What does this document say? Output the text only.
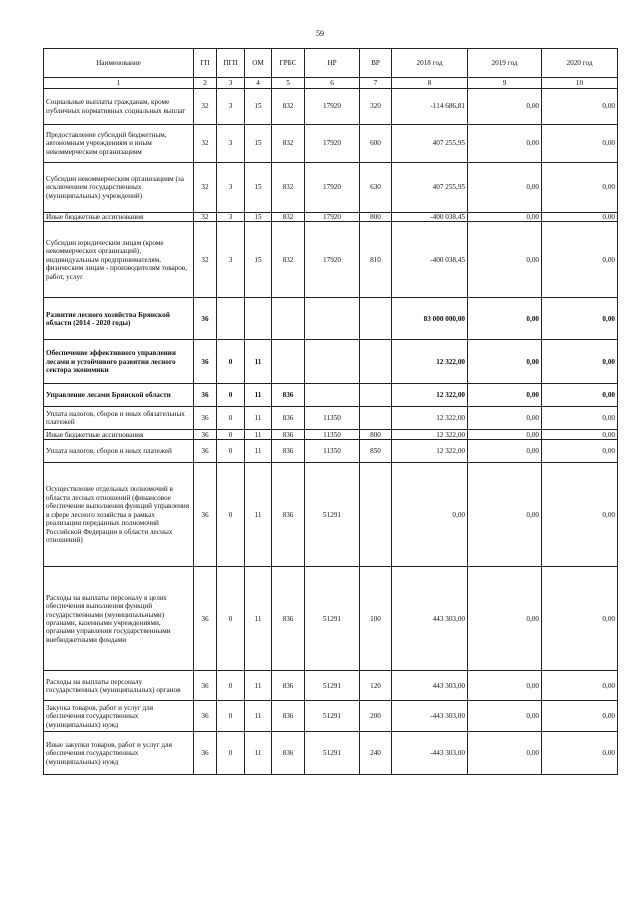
59
Наименование	ГП	ПГП	ОМ	ГРБС	НР	ВР	2018 год	2019 год	2020 год
1	2	3	4	5	6	7	8	9	10
Социальные выплаты гражданам, кроме публичных нормативных социальных выплат	32	3	15	832	17920	320	-114 686,81	0,00	0,00
Предоставление субсидий бюджетным, автономным учреждениям и иным некоммерческим организациям	32	3	15	832	17920	600	407 255,95	0,00	0,00
Субсидии некоммерческим организациям (за исключением государственных (муниципальных) учреждений)	32	3	15	832	17920	630	407 255,95	0,00	0,00
Иные бюджетные ассигнования	32	3	15	832	17920	800	-400 038,45	0,00	0,00
Субсидии юридическим лицам (кроме некоммерческих организаций), индивидуальным предпринимателям, физическим лицам - производителям товаров, работ, услуг	32	3	15	832	17920	810	-400 038,45	0,00	0,00
Развитие лесного хозяйства Брянской области (2014 - 2020 годы)	36						83 000 000,00	0,00	0,00
Обеспечение эффективного управления лесами и устойчивого развития лесного сектора экономики	36	0	11				12 322,00	0,00	0,00
Управление лесами Брянской области	36	0	11	836			12 322,00	0,00	0,00
Уплата налогов, сборов и иных обязательных платежей	36	0	11	836	11350		12 322,00	0,00	0,00
Иные бюджетные ассигнования	36	0	11	836	11350	800	12 322,00	0,00	0,00
Уплата налогов, сборов и иных платежей	36	0	11	836	11350	850	12 322,00	0,00	0,00
Осуществление отдельных полномочий в области лесных отношений (финансовое обеспечение выполнения функций управления в сфере лесного хозяйства в рамках реализации переданных полномочий Российской Федерации в области лесных отношений)	36	0	11	836	51291		0,00	0,00	0,00
Расходы на выплаты персоналу в целях обеспечения выполнения функций государственными (муниципальными) органами, казенными учреждениями, органами управления государственными внебюджетными фондами	36	0	11	836	51291	100	443 303,00	0,00	0,00
Расходы на выплаты персоналу государственных (муниципальных) органов	36	0	11	836	51291	120	443 303,00	0,00	0,00
Закупка товаров, работ и услуг для обеспечения государственных (муниципальных) нужд	36	0	11	836	51291	200	-443 303,00	0,00	0,00
Иные закупки товаров, работ и услуг для обеспечения государственных (муниципальных) нужд	36	0	11	836	51291	240	-443 303,00	0,00	0,00
